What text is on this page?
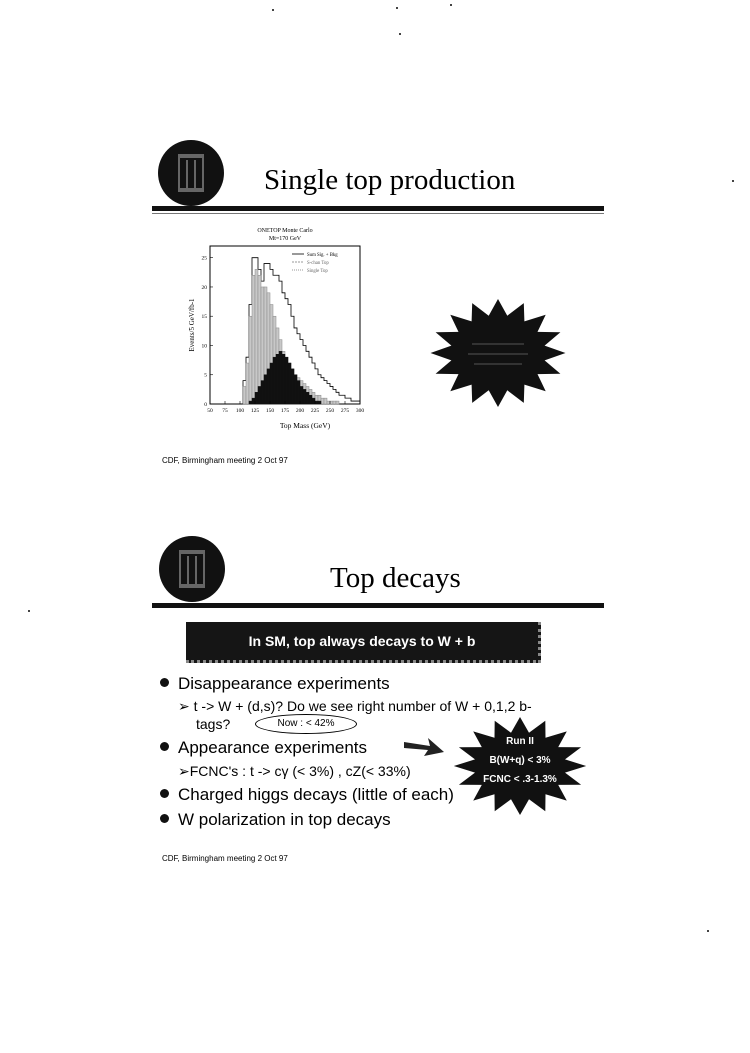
Single top production
50 75 100 125 150 175 200 225 250 275 300
0
5
10
15
20
25
ONETOP Monte Carlo
Mt=170 GeV
Top Mass (GeV)
Events/5 GeV/fb-1
Sum Sig. + Bkg
S-chan Top
Single Top
CDF, Birmingham meeting 2 Oct 97
Top decays
In SM, top always decays to W + b
Disappearance experiments
➢ t -> W + (d,s)? Do we see right number of W + 0,1,2 b-
tags?	Now : < 42%
Appearance experiments
➢FCNC's : t -> cγ (< 3%) , cZ(< 33%)
Charged higgs decays (little of each)
W polarization in top decays
Run II
B(W+q) < 3%
FCNC < .3-1.3%
CDF, Birmingham meeting 2 Oct 97
